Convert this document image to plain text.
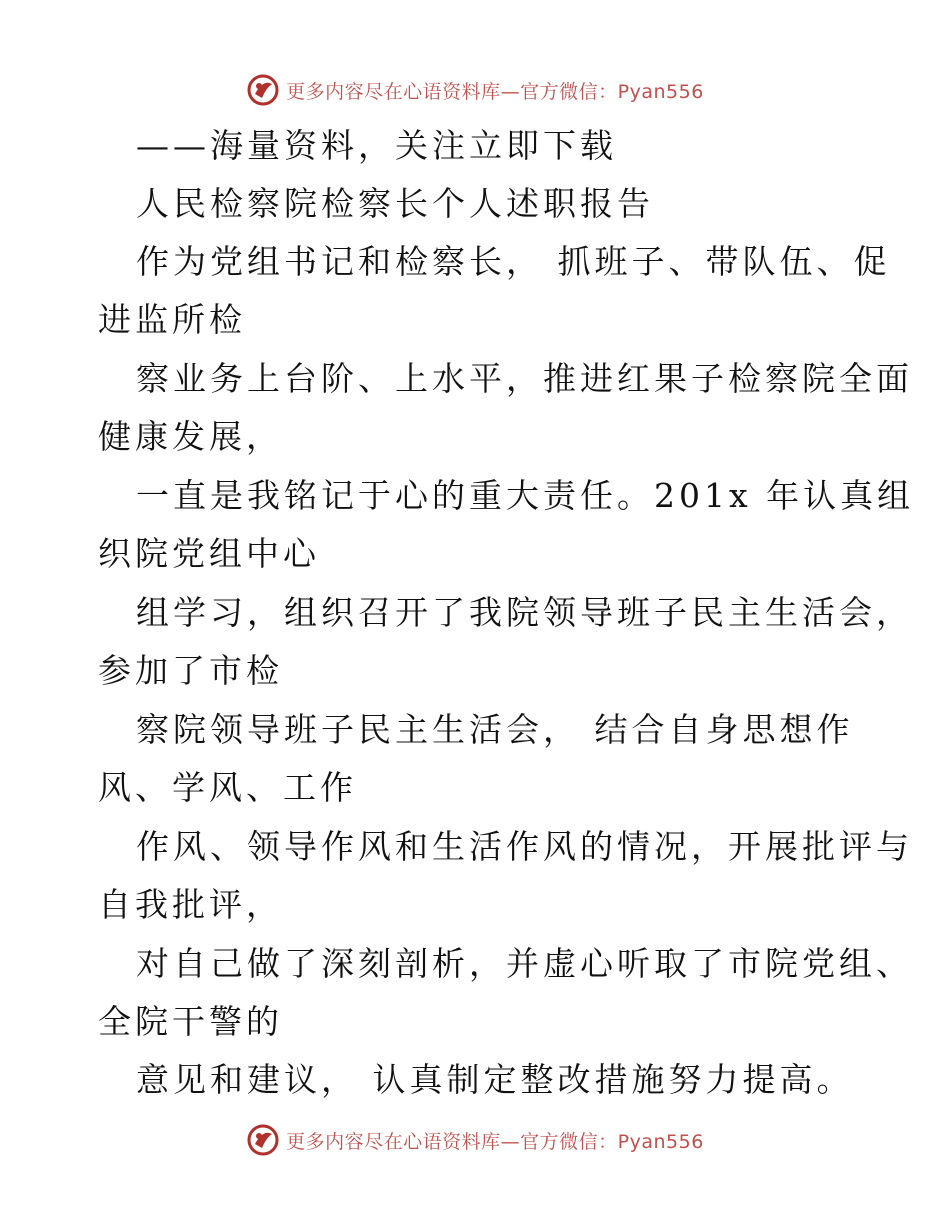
更多内容尽在心语资料库—官方微信：Pyan556
——海量资料，关注立即下载
人民检察院检察长个人述职报告
作为党组书记和检察长， 抓班子、带队伍、促
进监所检
察业务上台阶、上水平，推进红果子检察院全面
健康发展，
一直是我铭记于心的重大责任。201x 年认真组
织院党组中心
组学习，组织召开了我院领导班子民主生活会，
参加了市检
察院领导班子民主生活会， 结合自身思想作
风、学风、工作
作风、领导作风和生活作风的情况，开展批评与
自我批评，
对自己做了深刻剖析，并虚心听取了市院党组、
全院干警的
意见和建议， 认真制定整改措施努力提高。
更多内容尽在心语资料库—官方微信：Pyan556
